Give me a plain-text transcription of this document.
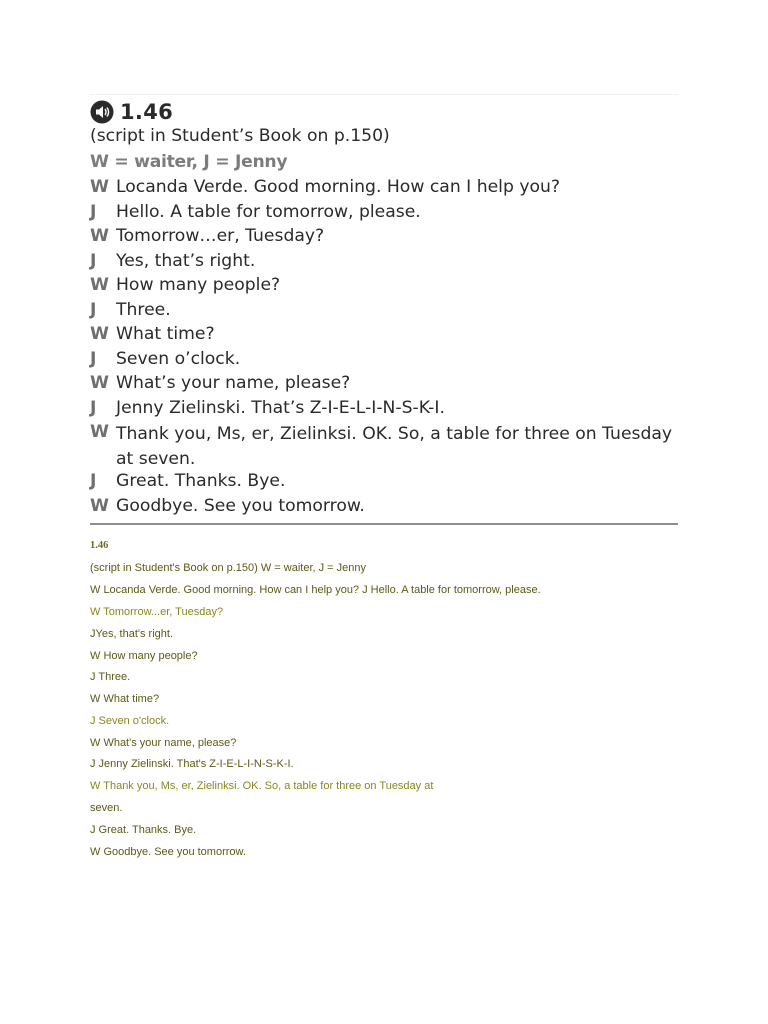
1.46
(script in Student’s Book on p.150)
W = waiter, J = Jenny
W Locanda Verde. Good morning. How can I help you?
J	Hello. A table for tomorrow, please.
W Tomorrow…er, Tuesday?
J	Yes, that’s right.
W How many people?
J	Three.
W What time?
J	Seven o’clock.
W What’s your name, please?
J	Jenny Zielinski. That’s Z-I-E-L-I-N-S-K-I.
W Thank you, Ms, er, Zielinksi. OK. So, a table for three on Tuesday at seven.
J	Great. Thanks. Bye.
W Goodbye. See you tomorrow.
1.46
(script in Student's Book on p.150) W = waiter, J = Jenny
W Locanda Verde. Good morning. How can I help you? J Hello. A table for tomorrow, please.
W Tomorrow...er, Tuesday?
JYes, that's right.
W How many people?
J Three.
W What time?
J Seven o'clock.
W What's your name, please?
J Jenny Zielinski. That's Z-I-E-L-I-N-S-K-I.
W Thank you, Ms, er, Zielinksi. OK. So, a table for three on Tuesday at
seven.
J Great. Thanks. Bye.
W Goodbye. See you tomorrow.
